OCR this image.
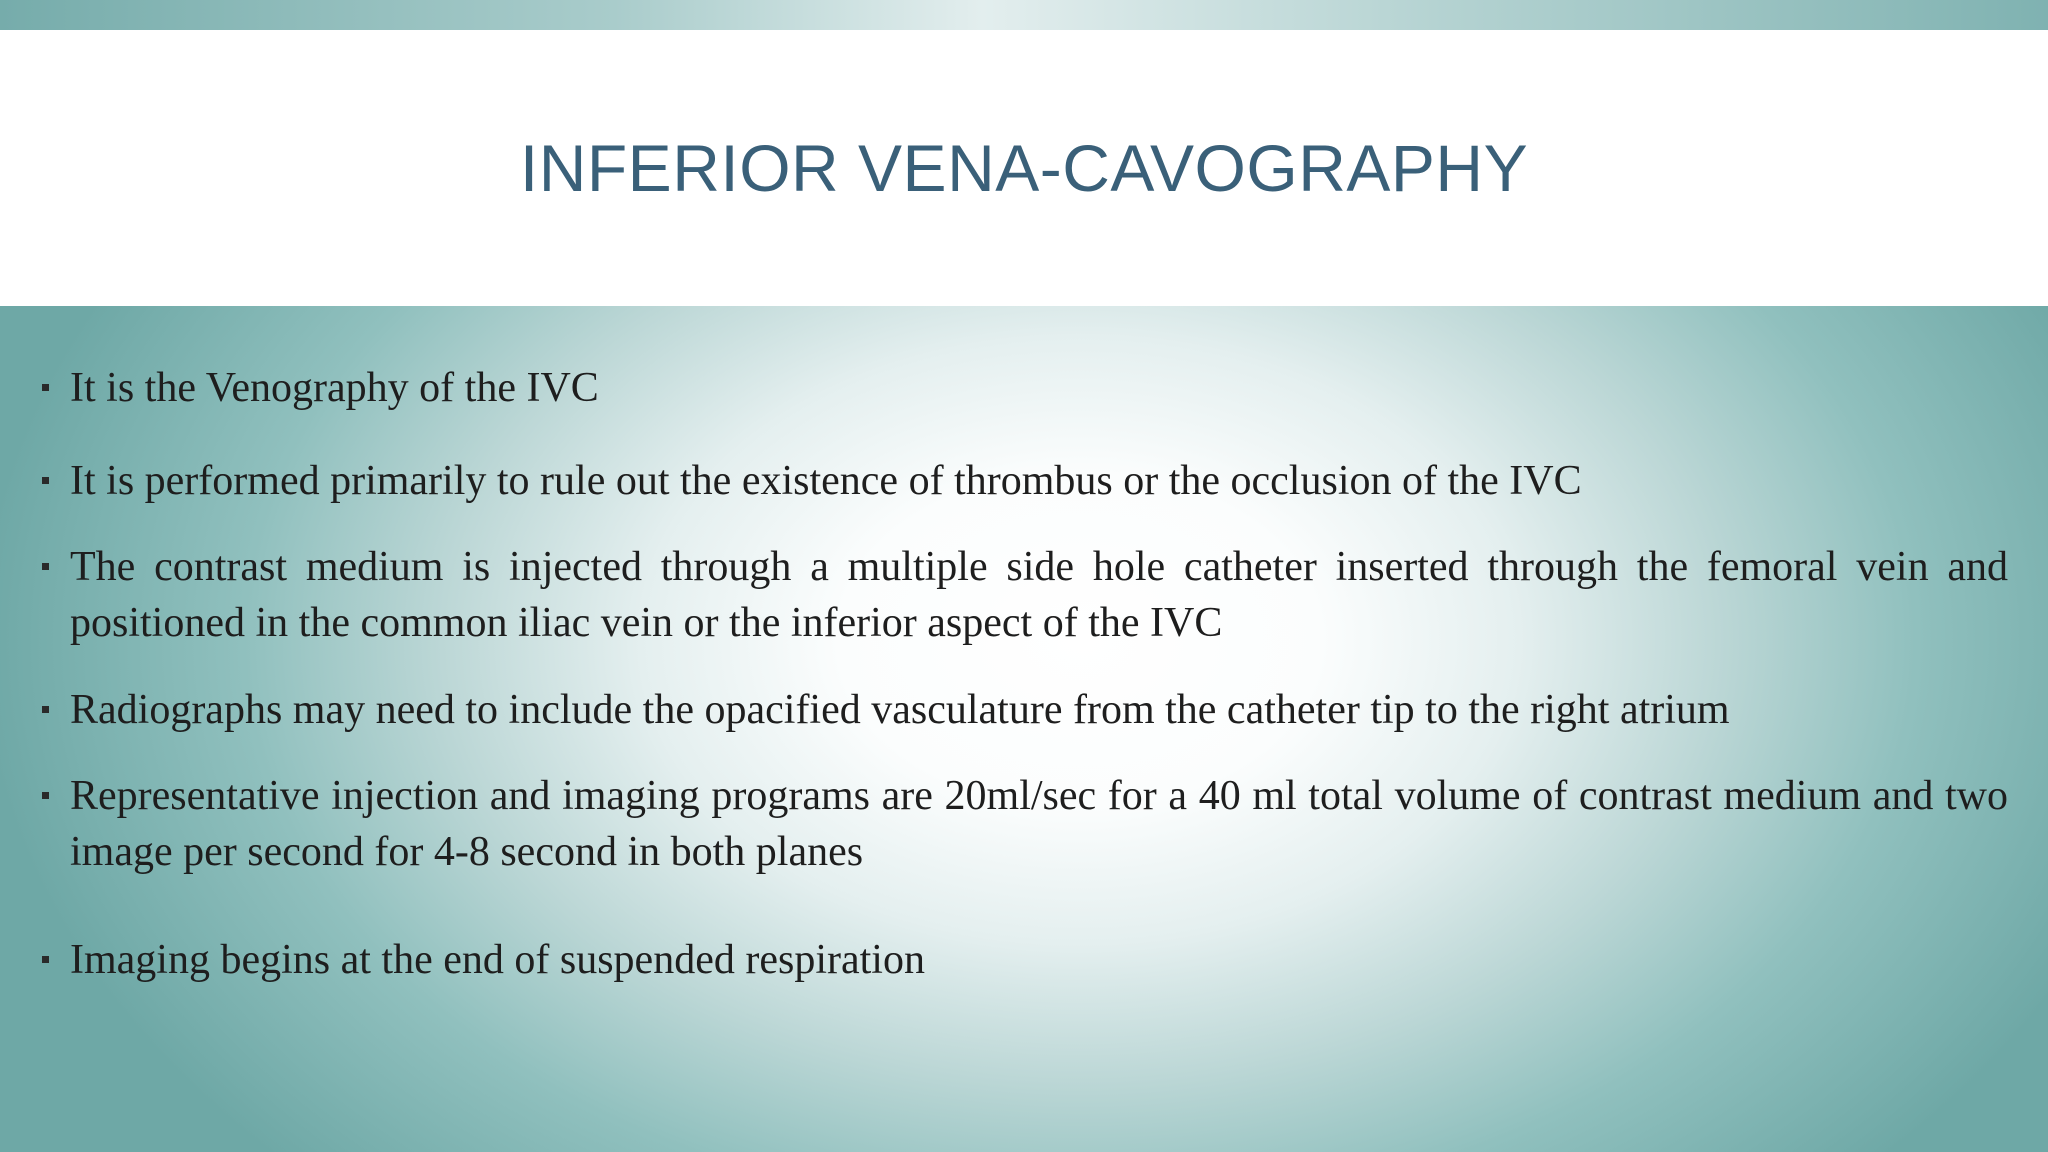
INFERIOR VENA-CAVOGRAPHY
It is the Venography of the IVC
It is performed primarily to rule out the existence of thrombus or the occlusion of the IVC
The contrast medium is injected through a multiple side hole catheter inserted through the femoral vein and positioned in the common iliac vein or the inferior aspect of the IVC
Radiographs may need to include the opacified vasculature from the catheter tip to the right atrium
Representative injection and imaging programs are 20ml/sec for a 40 ml total volume of contrast medium and two image per second for 4-8 second in both planes
Imaging begins at the end of suspended respiration
